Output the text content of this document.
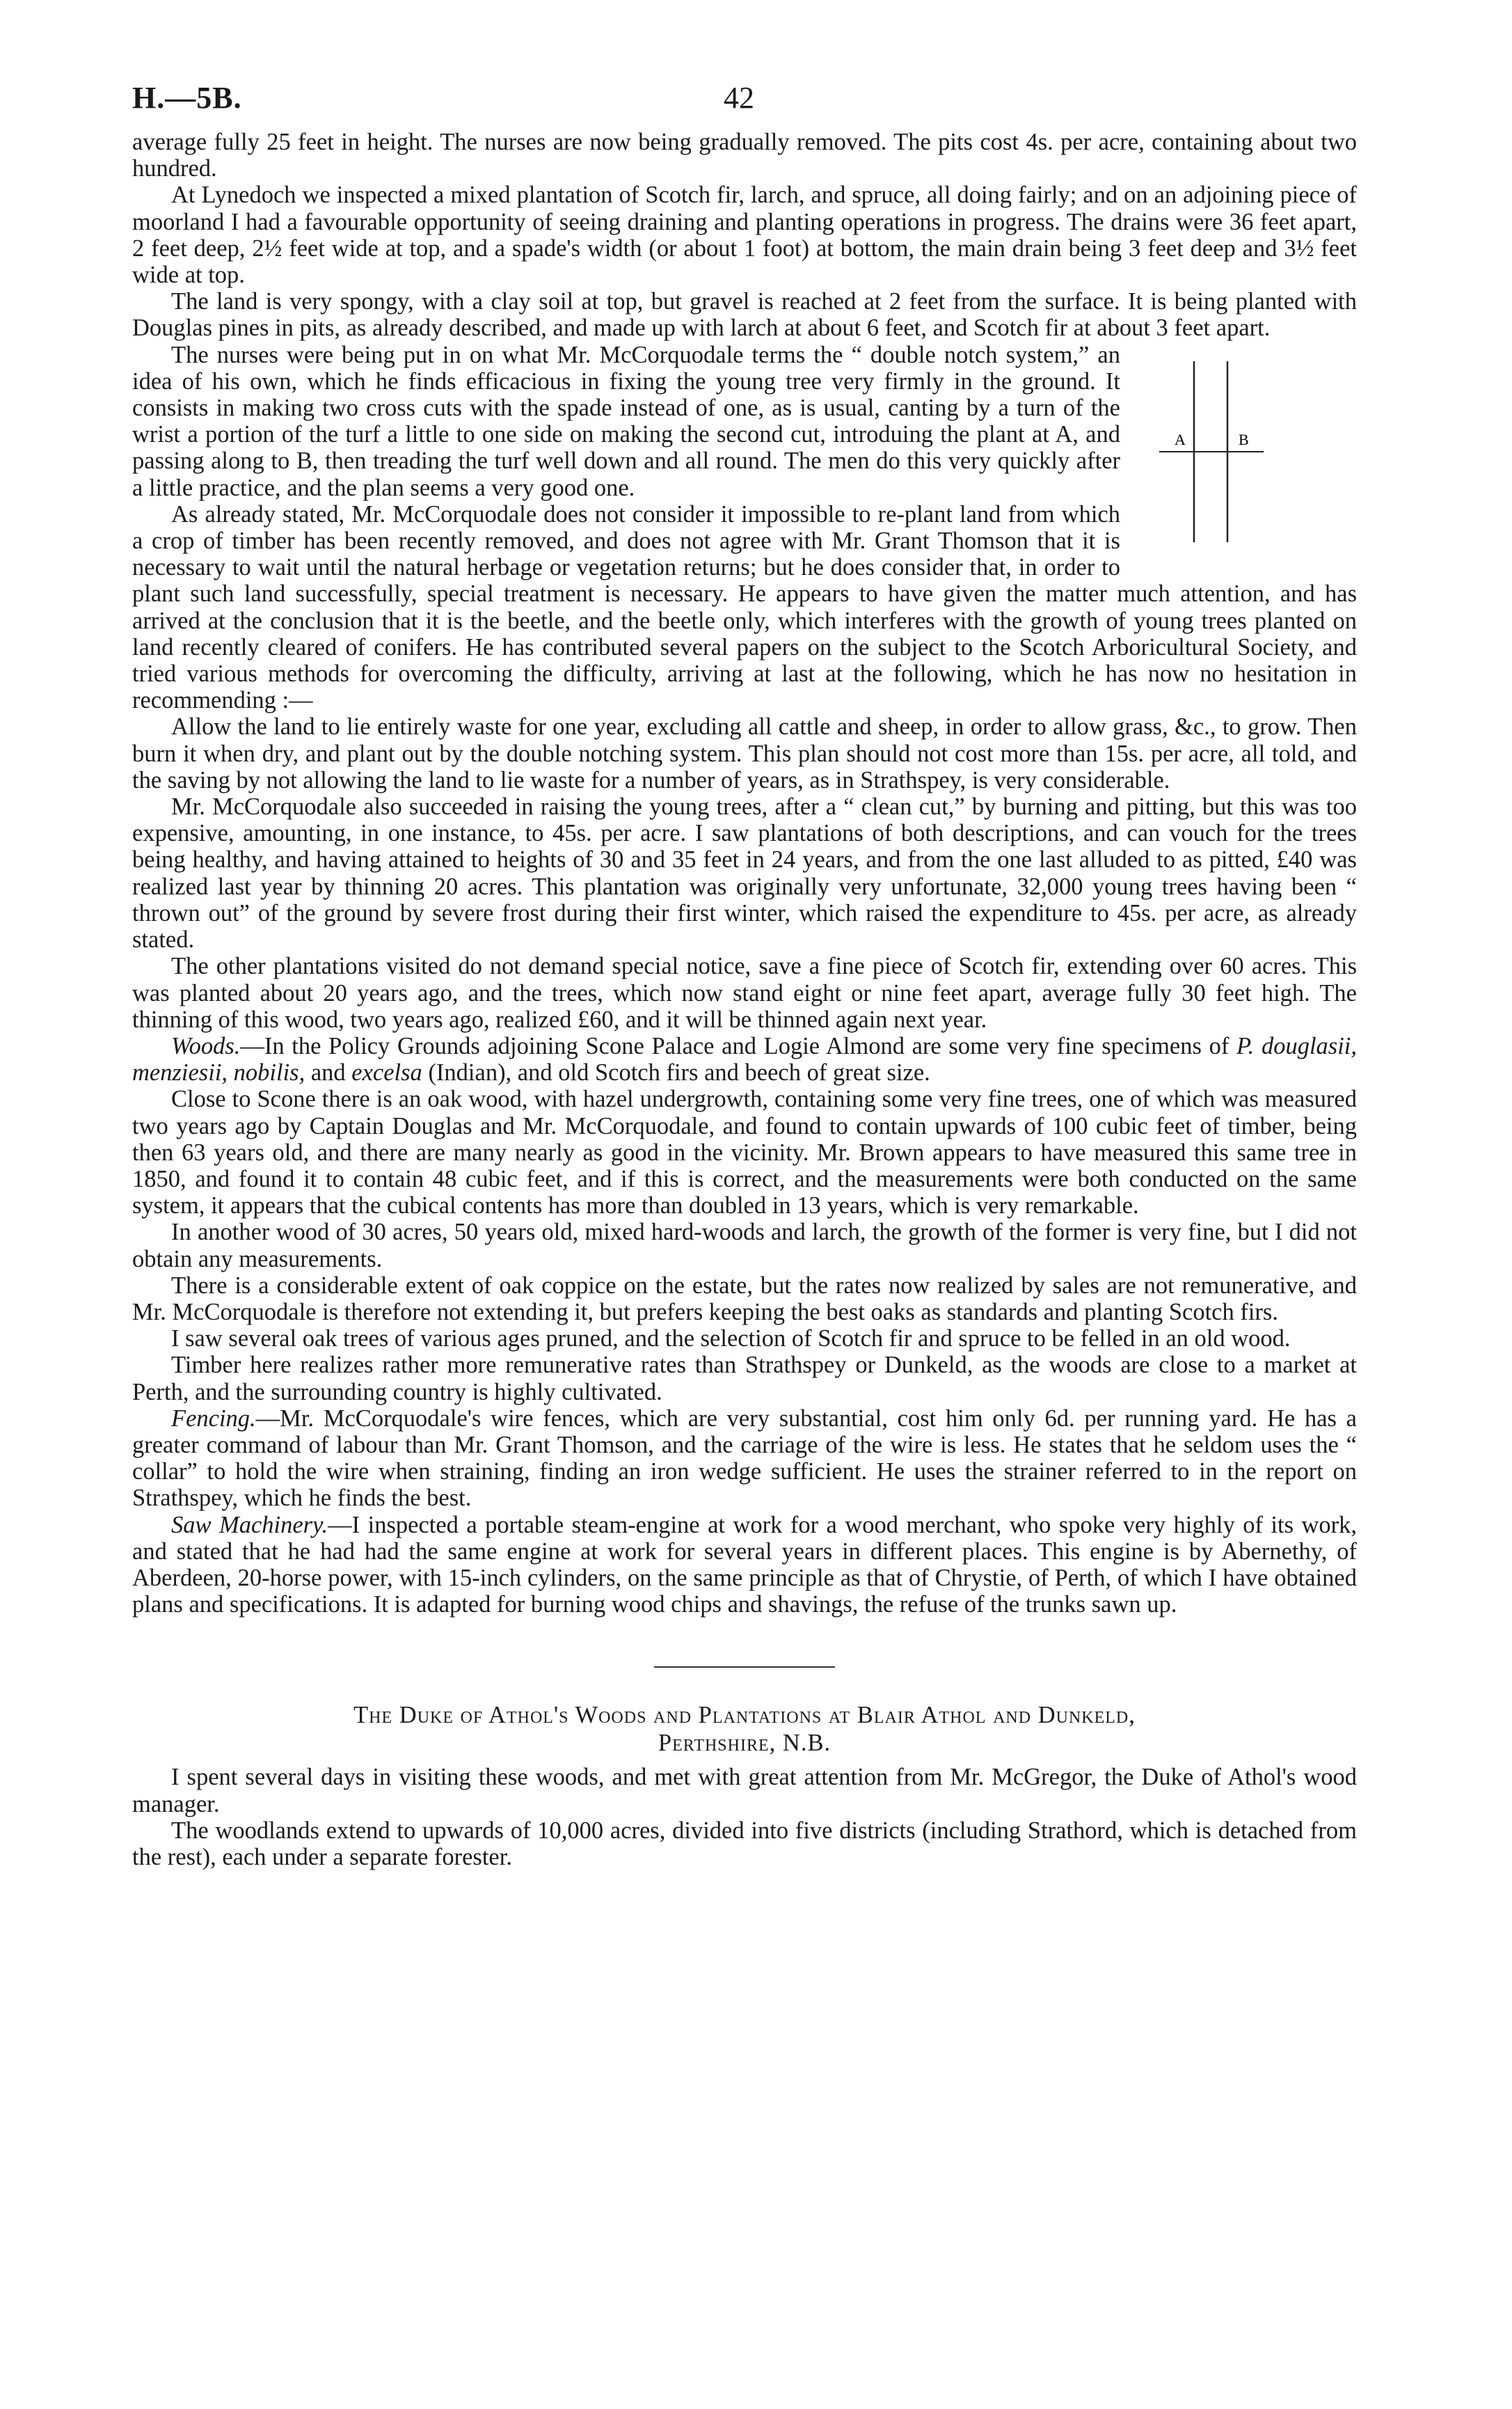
H.—5B.	42

average fully 25 feet in height. The nurses are now being gradually removed. The pits cost 4s. per acre, containing about two hundred.

At Lynedoch we inspected a mixed plantation of Scotch fir, larch, and spruce, all doing fairly; and on an adjoining piece of moorland I had a favourable opportunity of seeing draining and planting operations in progress. The drains were 36 feet apart, 2 feet deep, 2½ feet wide at top, and a spade's width (or about 1 foot) at bottom, the main drain being 3 feet deep and 3½ feet wide at top.

The land is very spongy, with a clay soil at top, but gravel is reached at 2 feet from the surface. It is being planted with Douglas pines in pits, as already described, and made up with larch at about 6 feet, and Scotch fir at about 3 feet apart.

A	B

The nurses were being put in on what Mr. McCorquodale terms the “ double notch system,” an idea of his own, which he finds efficacious in fixing the young tree very firmly in the ground. It consists in making two cross cuts with the spade instead of one, as is usual, canting by a turn of the wrist a portion of the turf a little to one side on making the second cut, introduing the plant at A, and passing along to B, then treading the turf well down and all round. The men do this very quickly after a little practice, and the plan seems a very good one.

As already stated, Mr. McCorquodale does not consider it impossible to re-plant land from which a crop of timber has been recently removed, and does not agree with Mr. Grant Thomson that it is necessary to wait until the natural herbage or vegetation returns; but he does consider that, in order to plant such land successfully, special treatment is necessary. He appears to have given the matter much attention, and has arrived at the conclusion that it is the beetle, and the beetle only, which interferes with the growth of young trees planted on land recently cleared of conifers. He has contributed several papers on the subject to the Scotch Arboricultural Society, and tried various methods for overcoming the difficulty, arriving at last at the following, which he has now no hesitation in recommending :—

Allow the land to lie entirely waste for one year, excluding all cattle and sheep, in order to allow grass, &c., to grow. Then burn it when dry, and plant out by the double notching system. This plan should not cost more than 15s. per acre, all told, and the saving by not allowing the land to lie waste for a number of years, as in Strathspey, is very considerable.

Mr. McCorquodale also succeeded in raising the young trees, after a “ clean cut,” by burning and pitting, but this was too expensive, amounting, in one instance, to 45s. per acre. I saw plantations of both descriptions, and can vouch for the trees being healthy, and having attained to heights of 30 and 35 feet in 24 years, and from the one last alluded to as pitted, £40 was realized last year by thinning 20 acres. This plantation was originally very unfortunate, 32,000 young trees having been “ thrown out” of the ground by severe frost during their first winter, which raised the expenditure to 45s. per acre, as already stated.

The other plantations visited do not demand special notice, save a fine piece of Scotch fir, extending over 60 acres. This was planted about 20 years ago, and the trees, which now stand eight or nine feet apart, average fully 30 feet high. The thinning of this wood, two years ago, realized £60, and it will be thinned again next year.

Woods.—In the Policy Grounds adjoining Scone Palace and Logie Almond are some very fine specimens of P. douglasii, menziesii, nobilis, and excelsa (Indian), and old Scotch firs and beech of great size.

Close to Scone there is an oak wood, with hazel undergrowth, containing some very fine trees, one of which was measured two years ago by Captain Douglas and Mr. McCorquodale, and found to contain upwards of 100 cubic feet of timber, being then 63 years old, and there are many nearly as good in the vicinity. Mr. Brown appears to have measured this same tree in 1850, and found it to contain 48 cubic feet, and if this is correct, and the measurements were both conducted on the same system, it appears that the cubical contents has more than doubled in 13 years, which is very remarkable.

In another wood of 30 acres, 50 years old, mixed hard-woods and larch, the growth of the former is very fine, but I did not obtain any measurements.

There is a considerable extent of oak coppice on the estate, but the rates now realized by sales are not remunerative, and Mr. McCorquodale is therefore not extending it, but prefers keeping the best oaks as standards and planting Scotch firs.

I saw several oak trees of various ages pruned, and the selection of Scotch fir and spruce to be felled in an old wood.

Timber here realizes rather more remunerative rates than Strathspey or Dunkeld, as the woods are close to a market at Perth, and the surrounding country is highly cultivated.

Fencing.—Mr. McCorquodale's wire fences, which are very substantial, cost him only 6d. per running yard. He has a greater command of labour than Mr. Grant Thomson, and the carriage of the wire is less. He states that he seldom uses the “ collar” to hold the wire when straining, finding an iron wedge sufficient. He uses the strainer referred to in the report on Strathspey, which he finds the best.

Saw Machinery.—I inspected a portable steam-engine at work for a wood merchant, who spoke very highly of its work, and stated that he had had the same engine at work for several years in different places. This engine is by Abernethy, of Aberdeen, 20-horse power, with 15-inch cylinders, on the same principle as that of Chrystie, of Perth, of which I have obtained plans and specifications. It is adapted for burning wood chips and shavings, the refuse of the trunks sawn up.

The Duke of Athol's Woods and Plantations at Blair Athol and Dunkeld,
Perthshire, N.B.

I spent several days in visiting these woods, and met with great attention from Mr. McGregor, the Duke of Athol's wood manager.

The woodlands extend to upwards of 10,000 acres, divided into five districts (including Strathord, which is detached from the rest), each under a separate forester.
